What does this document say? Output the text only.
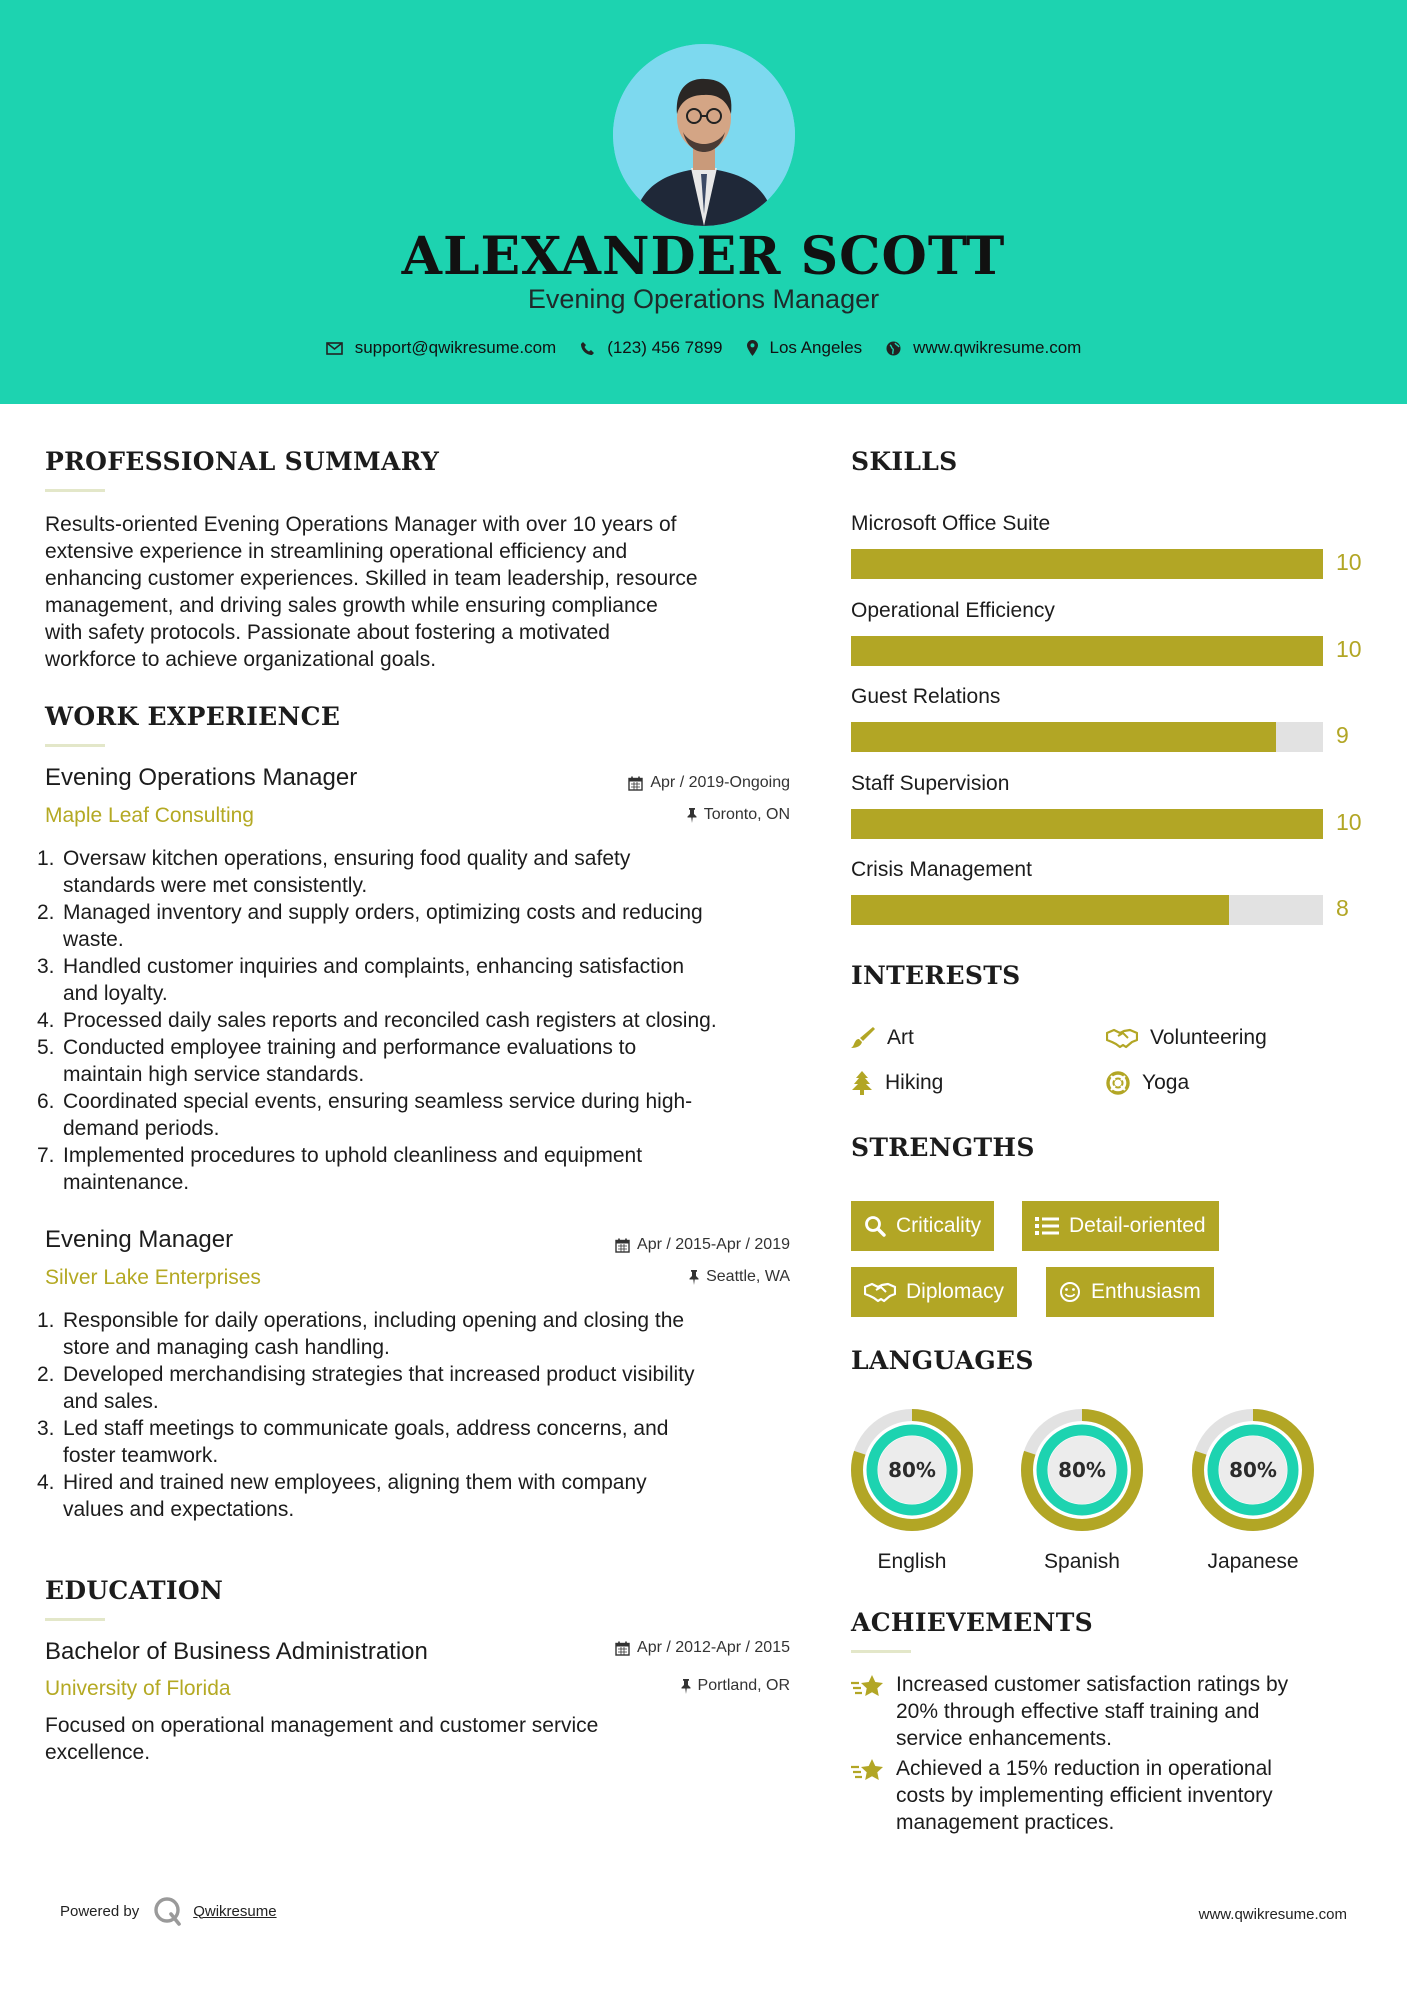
ALEXANDER SCOTT
Evening Operations Manager
support@qwikresume.com	(123) 456 7899	Los Angeles	www.qwikresume.com
PROFESSIONAL SUMMARY
Results-oriented Evening Operations Manager with over 10 years of
extensive experience in streamlining operational efficiency and
enhancing customer experiences. Skilled in team leadership, resource
management, and driving sales growth while ensuring compliance
with safety protocols. Passionate about fostering a motivated
workforce to achieve organizational goals.
WORK EXPERIENCE
Evening Operations Manager	Apr / 2019-Ongoing
Maple Leaf Consulting	Toronto, ON
1. Oversaw kitchen operations, ensuring food quality and safety
standards were met consistently.
2. Managed inventory and supply orders, optimizing costs and reducing
waste.
3. Handled customer inquiries and complaints, enhancing satisfaction
and loyalty.
4. Processed daily sales reports and reconciled cash registers at closing.
5. Conducted employee training and performance evaluations to
maintain high service standards.
6. Coordinated special events, ensuring seamless service during high-
demand periods.
7. Implemented procedures to uphold cleanliness and equipment
maintenance.
Evening Manager	Apr / 2015-Apr / 2019
Silver Lake Enterprises	Seattle, WA
1. Responsible for daily operations, including opening and closing the
store and managing cash handling.
2. Developed merchandising strategies that increased product visibility
and sales.
3. Led staff meetings to communicate goals, address concerns, and
foster teamwork.
4. Hired and trained new employees, aligning them with company
values and expectations.
EDUCATION
Bachelor of Business Administration	Apr / 2012-Apr / 2015
University of Florida	Portland, OR
Focused on operational management and customer service
excellence.
SKILLS
Microsoft Office Suite
10
Operational Efficiency
10
Guest Relations
9
Staff Supervision
10
Crisis Management
8
INTERESTS
Art	Volunteering
Hiking	Yoga
STRENGTHS
Criticality	Detail-oriented
Diplomacy	Enthusiasm
LANGUAGES
80%
English
80%
Spanish
80%
Japanese
ACHIEVEMENTS
Increased customer satisfaction ratings by
20% through effective staff training and
service enhancements.
Achieved a 15% reduction in operational
costs by implementing efficient inventory
management practices.
Powered by	Qwikresume	www.qwikresume.com
